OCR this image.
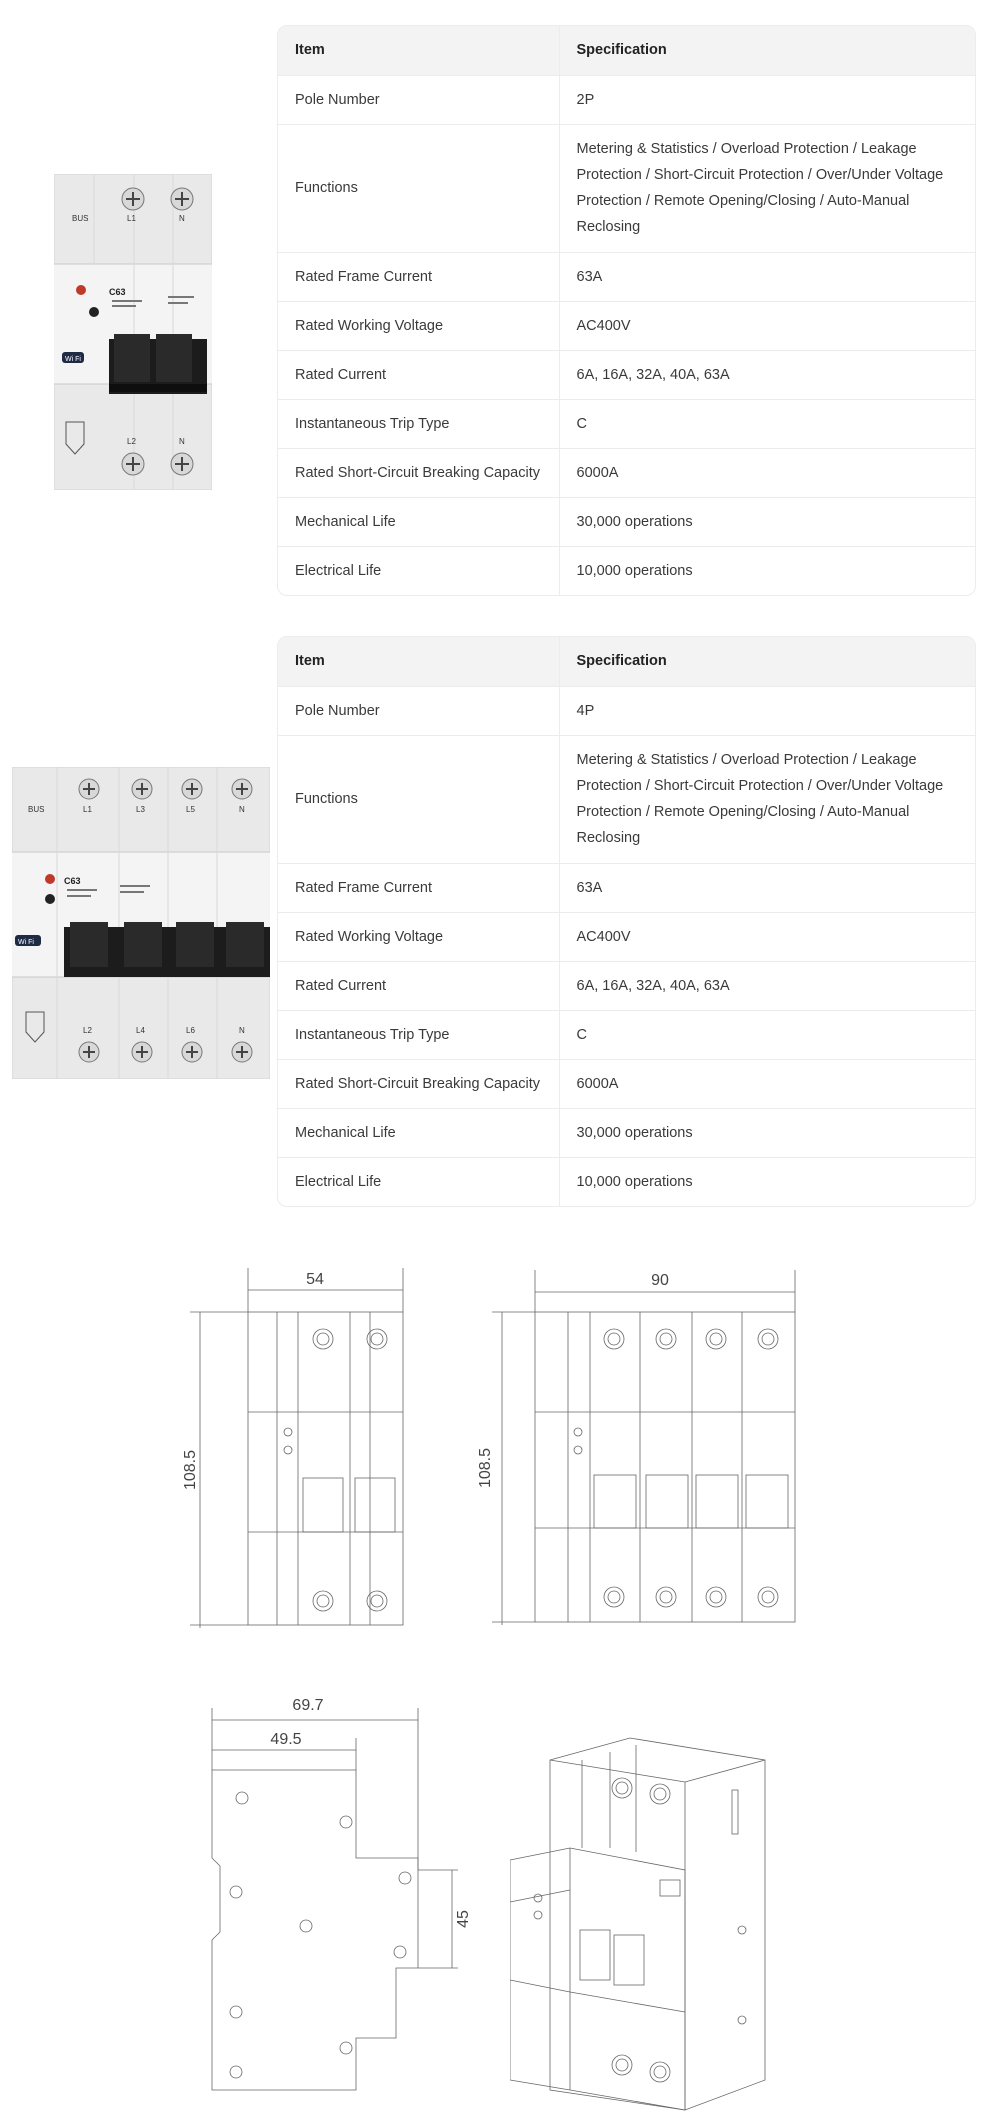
Item	Specification
Pole Number	2P
Functions	Metering & Statistics / Overload Protection / Leakage Protection / Short-Circuit Protection / Over/Under Voltage Protection / Remote Opening/Closing / Auto-Manual Reclosing
Rated Frame Current	63A
Rated Working Voltage	AC400V
Rated Current	6A, 16A, 32A, 40A, 63A
Instantaneous Trip Type	C
Rated Short-Circuit Breaking Capacity	6000A
Mechanical Life	30,000 operations
Electrical Life	10,000 operations
Item	Specification
Pole Number	4P
Functions	Metering & Statistics / Overload Protection / Leakage Protection / Short-Circuit Protection / Over/Under Voltage Protection / Remote Opening/Closing / Auto-Manual Reclosing
Rated Frame Current	63A
Rated Working Voltage	AC400V
Rated Current	6A, 16A, 32A, 40A, 63A
Instantaneous Trip Type	C
Rated Short-Circuit Breaking Capacity	6000A
Mechanical Life	30,000 operations
Electrical Life	10,000 operations
BUS	L1	N
L2	N
C63
Wi Fi
BUS	L1	L3	L5	N
L2	L4	L6	N
C63
Wi Fi
54
108.5
90
108.5
69.7
49.5
45
